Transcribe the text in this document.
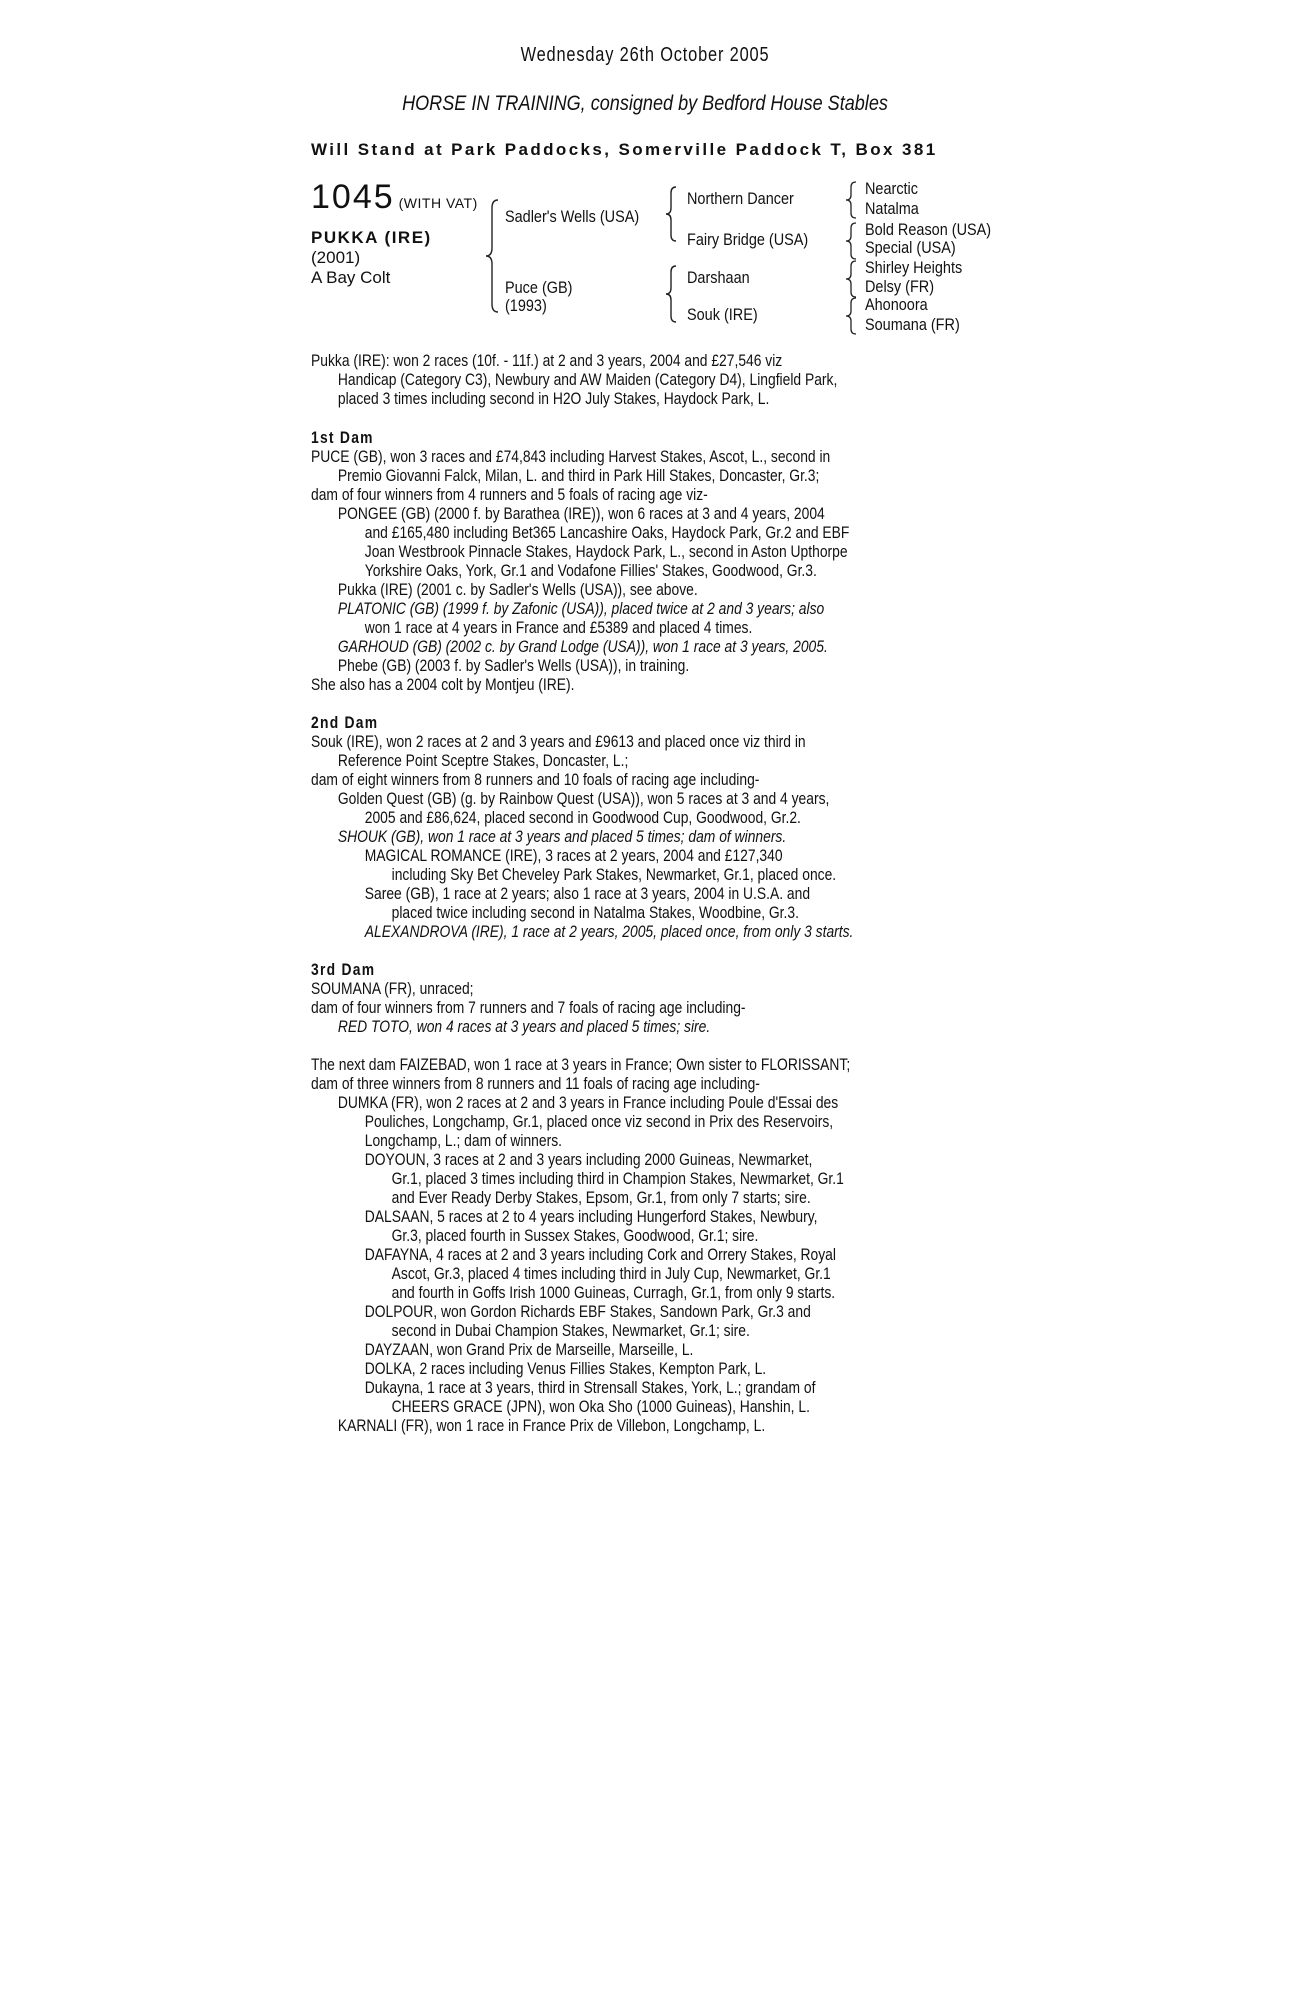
Wednesday 26th October 2005
HORSE IN TRAINING, consigned by Bedford House Stables
Will Stand at Park Paddocks, Somerville Paddock T, Box 381
1045 (WITH VAT)
PUKKA (IRE)
(2001)
A Bay Colt
Sadler's Wells (USA)
Puce (GB)
(1993)
Northern Dancer
Fairy Bridge (USA)
Darshaan
Souk (IRE)
Nearctic
Natalma
Bold Reason (USA)
Special (USA)
Shirley Heights
Delsy (FR)
Ahonoora
Soumana (FR)
Pukka (IRE): won 2 races (10f. - 11f.) at 2 and 3 years, 2004 and £27,546 viz
Handicap (Category C3), Newbury and AW Maiden (Category D4), Lingfield Park,
placed 3 times including second in H2O July Stakes, Haydock Park, L.
1st Dam
PUCE (GB), won 3 races and £74,843 including Harvest Stakes, Ascot, L., second in
Premio Giovanni Falck, Milan, L. and third in Park Hill Stakes, Doncaster, Gr.3;
dam of four winners from 4 runners and 5 foals of racing age viz-
PONGEE (GB) (2000 f. by Barathea (IRE)), won 6 races at 3 and 4 years, 2004
and £165,480 including Bet365 Lancashire Oaks, Haydock Park, Gr.2 and EBF
Joan Westbrook Pinnacle Stakes, Haydock Park, L., second in Aston Upthorpe
Yorkshire Oaks, York, Gr.1 and Vodafone Fillies' Stakes, Goodwood, Gr.3.
Pukka (IRE) (2001 c. by Sadler's Wells (USA)), see above.
PLATONIC (GB) (1999 f. by Zafonic (USA)), placed twice at 2 and 3 years; also
won 1 race at 4 years in France and £5389 and placed 4 times.
GARHOUD (GB) (2002 c. by Grand Lodge (USA)), won 1 race at 3 years, 2005.
Phebe (GB) (2003 f. by Sadler's Wells (USA)), in training.
She also has a 2004 colt by Montjeu (IRE).
2nd Dam
Souk (IRE), won 2 races at 2 and 3 years and £9613 and placed once viz third in
Reference Point Sceptre Stakes, Doncaster, L.;
dam of eight winners from 8 runners and 10 foals of racing age including-
Golden Quest (GB) (g. by Rainbow Quest (USA)), won 5 races at 3 and 4 years,
2005 and £86,624, placed second in Goodwood Cup, Goodwood, Gr.2.
SHOUK (GB), won 1 race at 3 years and placed 5 times; dam of winners.
MAGICAL ROMANCE (IRE), 3 races at 2 years, 2004 and £127,340
including Sky Bet Cheveley Park Stakes, Newmarket, Gr.1, placed once.
Saree (GB), 1 race at 2 years; also 1 race at 3 years, 2004 in U.S.A. and
placed twice including second in Natalma Stakes, Woodbine, Gr.3.
ALEXANDROVA (IRE), 1 race at 2 years, 2005, placed once, from only 3 starts.
3rd Dam
SOUMANA (FR), unraced;
dam of four winners from 7 runners and 7 foals of racing age including-
RED TOTO, won 4 races at 3 years and placed 5 times; sire.
The next dam FAIZEBAD, won 1 race at 3 years in France; Own sister to FLORISSANT;
dam of three winners from 8 runners and 11 foals of racing age including-
DUMKA (FR), won 2 races at 2 and 3 years in France including Poule d'Essai des
Pouliches, Longchamp, Gr.1, placed once viz second in Prix des Reservoirs,
Longchamp, L.; dam of winners.
DOYOUN, 3 races at 2 and 3 years including 2000 Guineas, Newmarket,
Gr.1, placed 3 times including third in Champion Stakes, Newmarket, Gr.1
and Ever Ready Derby Stakes, Epsom, Gr.1, from only 7 starts; sire.
DALSAAN, 5 races at 2 to 4 years including Hungerford Stakes, Newbury,
Gr.3, placed fourth in Sussex Stakes, Goodwood, Gr.1; sire.
DAFAYNA, 4 races at 2 and 3 years including Cork and Orrery Stakes, Royal
Ascot, Gr.3, placed 4 times including third in July Cup, Newmarket, Gr.1
and fourth in Goffs Irish 1000 Guineas, Curragh, Gr.1, from only 9 starts.
DOLPOUR, won Gordon Richards EBF Stakes, Sandown Park, Gr.3 and
second in Dubai Champion Stakes, Newmarket, Gr.1; sire.
DAYZAAN, won Grand Prix de Marseille, Marseille, L.
DOLKA, 2 races including Venus Fillies Stakes, Kempton Park, L.
Dukayna, 1 race at 3 years, third in Strensall Stakes, York, L.; grandam of
CHEERS GRACE (JPN), won Oka Sho (1000 Guineas), Hanshin, L.
KARNALI (FR), won 1 race in France Prix de Villebon, Longchamp, L.
